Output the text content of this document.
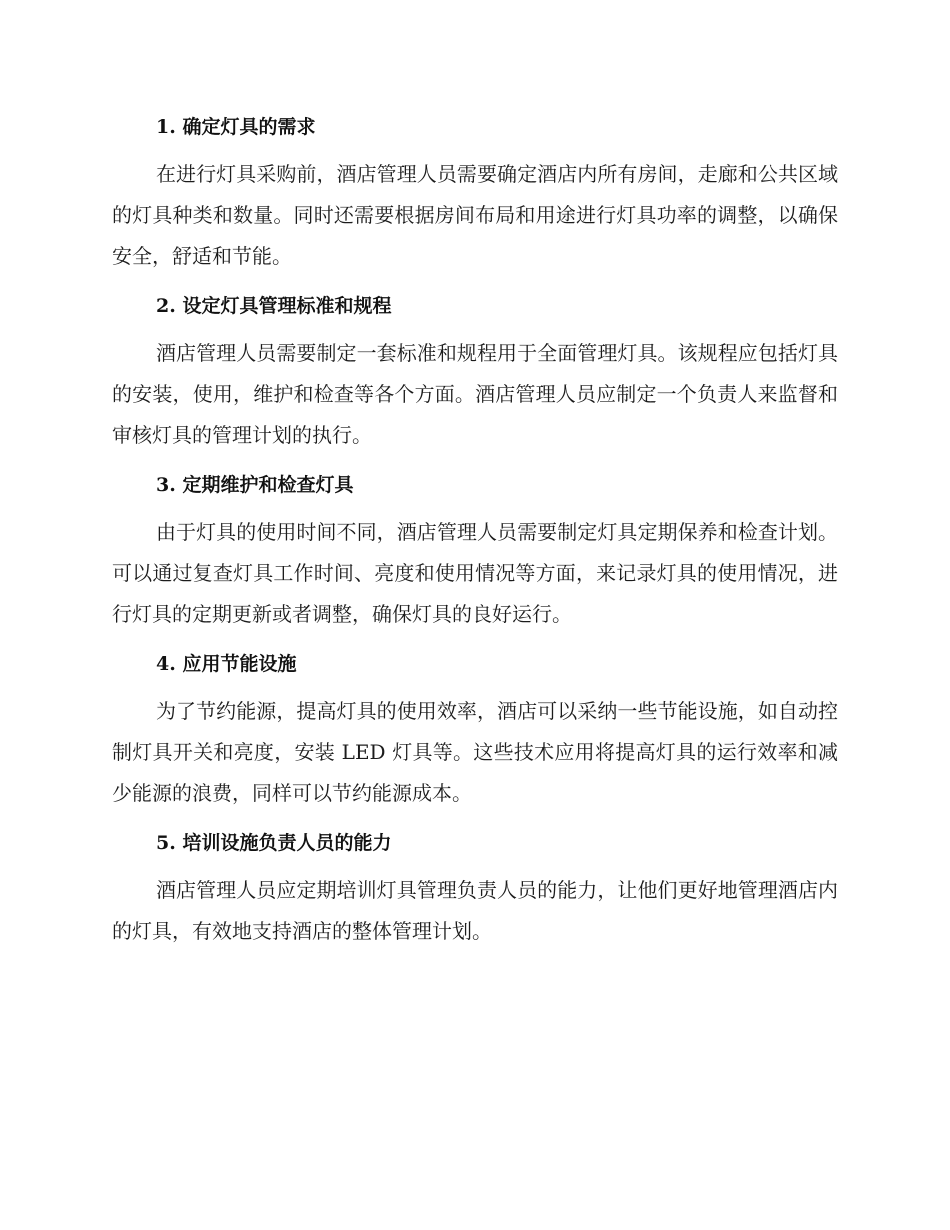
1. 确定灯具的需求

在进行灯具采购前，酒店管理人员需要确定酒店内所有房间，走廊和公共区域的灯具种类和数量。同时还需要根据房间布局和用途进行灯具功率的调整，以确保安全，舒适和节能。

2. 设定灯具管理标准和规程

酒店管理人员需要制定一套标准和规程用于全面管理灯具。该规程应包括灯具的安装，使用，维护和检查等各个方面。酒店管理人员应制定一个负责人来监督和审核灯具的管理计划的执行。

3. 定期维护和检查灯具

由于灯具的使用时间不同，酒店管理人员需要制定灯具定期保养和检查计划。可以通过复查灯具工作时间、亮度和使用情况等方面，来记录灯具的使用情况，进行灯具的定期更新或者调整，确保灯具的良好运行。

4. 应用节能设施

为了节约能源，提高灯具的使用效率，酒店可以采纳一些节能设施，如自动控制灯具开关和亮度，安装 LED 灯具等。这些技术应用将提高灯具的运行效率和减少能源的浪费，同样可以节约能源成本。

5. 培训设施负责人员的能力

酒店管理人员应定期培训灯具管理负责人员的能力，让他们更好地管理酒店内的灯具，有效地支持酒店的整体管理计划。
